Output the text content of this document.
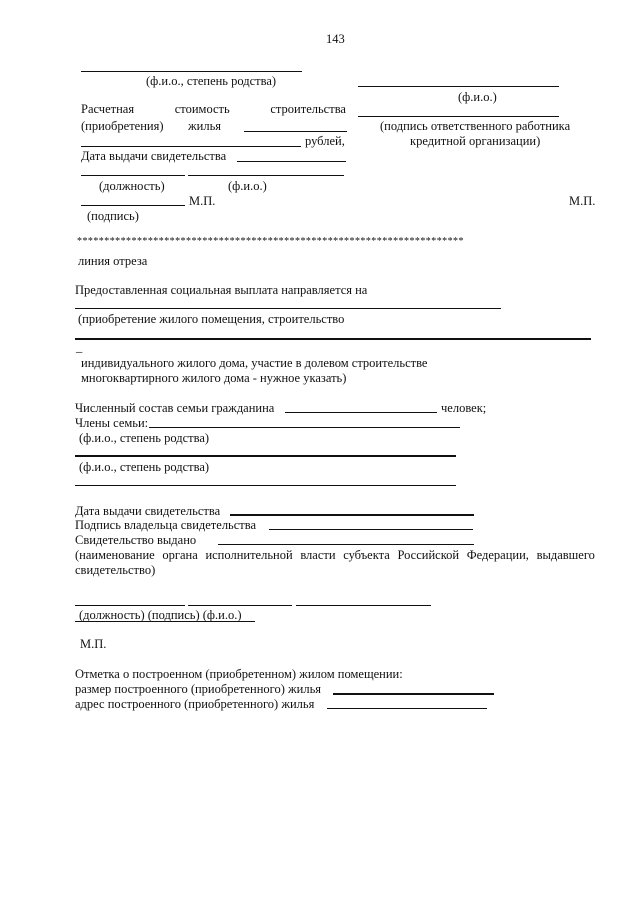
143
(ф.и.о., степень родства)
(ф.и.о.)
Расчетная	стоимость	строительства
(приобретения) жилья	(подпись ответственного работника
рублей,	кредитной организации)
Дата выдачи свидетельства
(должность)	(ф.и.о.)
М.П.	М.П.
(подпись)
***********************************************************************
линия отреза
Предоставленная социальная выплата направляется на
(приобретение жилого помещения, строительство
_
индивидуального жилого дома, участие в долевом строительстве
многоквартирного жилого дома - нужное указать)
Численный состав семьи гражданина	человек;
Члены семьи:
(ф.и.о., степень родства)
(ф.и.о., степень родства)
Дата выдачи свидетельства
Подпись владельца свидетельства
Свидетельство выдано
(наименование органа исполнительной власти субъекта Российской Федерации, выдавшего
свидетельство)
(должность) (подпись) (ф.и.о.)
М.П.
Отметка о построенном (приобретенном) жилом помещении:
размер построенного (приобретенного) жилья
адрес построенного (приобретенного) жилья
